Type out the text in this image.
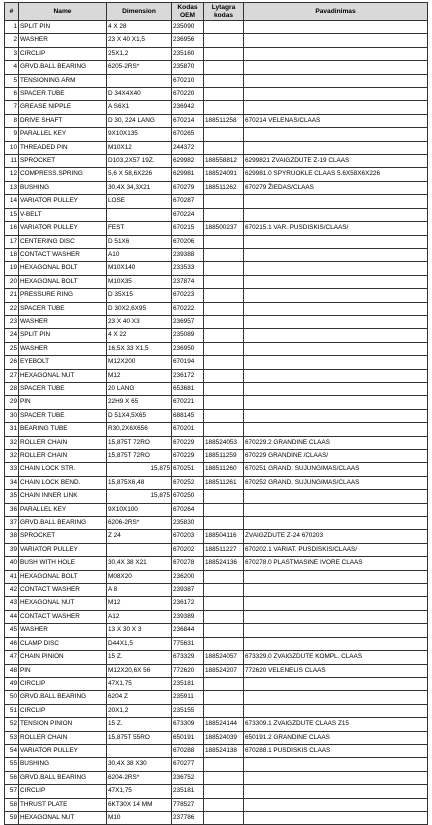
#	Name	Dimension	Kodas OEM	Lytagra kodas	Pavadinimas
1	SPLIT PIN	4 X 28	235090		
2	WASHER	23 X 40 X1,5	236956		
3	CIRCLIP	25X1,2	235160		
4	GRVD.BALL BEARING	6205-2RS*	235870		
5	TENSIONING ARM		670210		
6	SPACER TUBE	D 34X4X40	670220		
7	GREASE NIPPLE	A S6X1	236942		
8	DRIVE SHAFT	D 30, 224 LANG	670214	188511258	670214 VELENAS/CLAAS
9	PARALLEL KEY	9X10X135	670265		
10	THREADED PIN	M10X12	244372		
11	SPROCKET	D103,2X57 19Z.	629982	188558812	6299821 ZVAIGZDUTE Z-19 CLAAS
12	COMPRESS.SPRING	5,6 X 58,6X226	629981	188524091	629981.0 SPYRUOKLE CLAAS 5.6X58X6X226
13	BUSHING	30,4X 34,3X21	670279	188511262	670279 ŽIEDAS/CLAAS
14	VARIATOR PULLEY	LOSE	670287		
15	V-BELT		670224		
16	VARIATOR PULLEY	FEST	670215	188500237	670215.1 VAR. PUSDISKIS/CLAAS/
17	CENTERING DISC	D 51X6	670206		
18	CONTACT WASHER	A10	239388		
19	HEXAGONAL BOLT	M10X140	233533		
20	HEXAGONAL BOLT	M10X35	237874		
21	PRESSURE RING	D 35X15	670223		
22	SPACER TUBE	D 30X2,6X95	670222		
23	WASHER	23 X 40 X3	236957		
24	SPLIT PIN	4 X 22	235089		
25	WASHER	16,5X 33 X1,5	236950		
26	EYEBOLT	M12X200	670194		
27	HEXAGONAL NUT	M12	236172		
28	SPACER TUBE	20 LANG	653681		
29	PIN	22H9 X 65	670221		
30	SPACER TUBE	D 51X4,5X65	688145		
31	BEARING TUBE	R30,2X6X656	670201		
32	ROLLER CHAIN	15,875T 72RO	670229	188524053	670229.2 GRANDINE CLAAS
32	ROLLER CHAIN	15,875T 72RO	670229	188511259	670229 GRANDINE /CLAAS/
33	CHAIN LOCK STR.	15,875	670251	188511260	670251 GRAND. SUJUNGIMAS/CLAAS
34	CHAIN LOCK BEND.	15,875X6,48	670252	188511261	670252 GRAND. SUJUNGIMAS/CLAAS
35	CHAIN INNER LINK	15,875	670250		
36	PARALLEL KEY	9X10X100	670264		
37	GRVD.BALL BEARING	6206-2RS*	235830		
38	SPROCKET	Z 24	670203	188504116	ZVAIGZDUTE Z-24 670203
39	VARIATOR PULLEY		670202	188511227	670202.1 VARIAT. PUSDISKIS/CLAAS/
40	BUSH WITH HOLE	30,4X 38 X21	670278	188524136	670278.0 PLASTMASINE IVORE CLAAS
41	HEXAGONAL BOLT	M08X20	236200		
42	CONTACT WASHER	A 8	239387		
43	HEXAGONAL NUT	M12	236172		
44	CONTACT WASHER	A12	239389		
45	WASHER	13 X 30 X 3	236844		
46	CLAMP DISC	D44X1,5	775631		
47	CHAIN PINION	15 Z.	673329	188524057	673329.0 ZVAIGZDUTE KOMPL. CLAAS
48	PIN	M12X20,6X 56	772620	188524207	772620 VELENELIS CLAAS
49	CIRCLIP	47X1,75	235181		
50	GRVD.BALL BEARING	6204 Z	235911		
51	CIRCLIP	20X1,2	235155		
52	TENSION PINION	15 Z.	673309	188524144	673309.1 ZVAIGZDUTE CLAAS Z15
53	ROLLER CHAIN	15,875T 55RO	650191	188524039	650191.2 GRANDINE CLAAS
54	VARIATOR PULLEY		670288	188524138	670288.1 PUSDISKIS CLAAS
55	BUSHING	30,4X 38 X30	670277		
56	GRVD.BALL BEARING	6204-2RS*	236752		
57	CIRCLIP	47X1,75	235181		
58	THRUST PLATE	6KT30X 14 MM	778527		
59	HEXAGONAL NUT	M10	237786		
